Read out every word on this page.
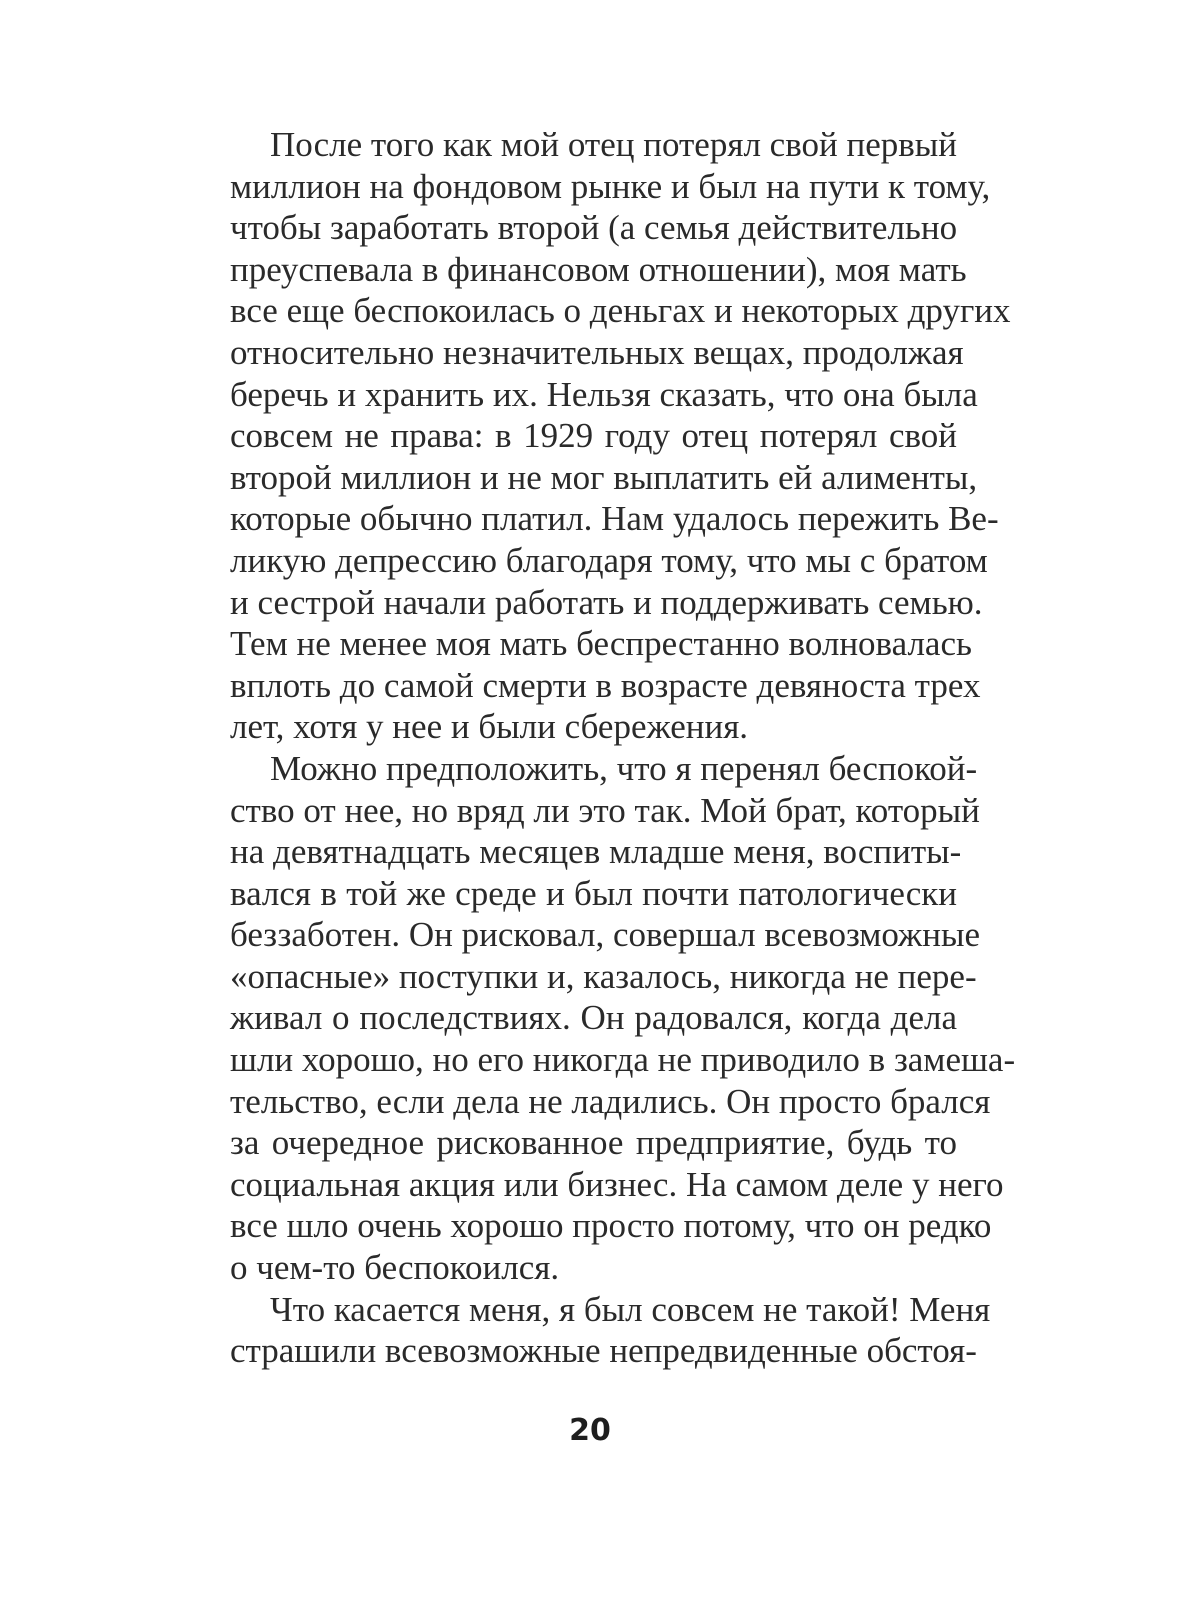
После того как мой отец потерял свой первый
миллион на фондовом рынке и был на пути к тому,
чтобы заработать второй (а семья действительно
преуспевала в финансовом отношении), моя мать
все еще беспокоилась о деньгах и некоторых других
относительно незначительных вещах, продолжая
беречь и хранить их. Нельзя сказать, что она была
совсем не права: в 1929 году отец потерял свой
второй миллион и не мог выплатить ей алименты,
которые обычно платил. Нам удалось пережить Ве-
ликую депрессию благодаря тому, что мы с братом
и сестрой начали работать и поддерживать семью.
Тем не менее моя мать беспрестанно волновалась
вплоть до самой смерти в возрасте девяноста трех
лет, хотя у нее и были сбережения.
Можно предположить, что я перенял беспокой-
ство от нее, но вряд ли это так. Мой брат, который
на девятнадцать месяцев младше меня, воспиты-
вался в той же среде и был почти патологически
беззаботен. Он рисковал, совершал всевозможные
«опасные» поступки и, казалось, никогда не пере-
живал о последствиях. Он радовался, когда дела
шли хорошо, но его никогда не приводило в замеша-
тельство, если дела не ладились. Он просто брался
за очередное рискованное предприятие, будь то
социальная акция или бизнес. На самом деле у него
все шло очень хорошо просто потому, что он редко
о чем-то беспокоился.
Что касается меня, я был совсем не такой! Меня
страшили всевозможные непредвиденные обстоя-
20
